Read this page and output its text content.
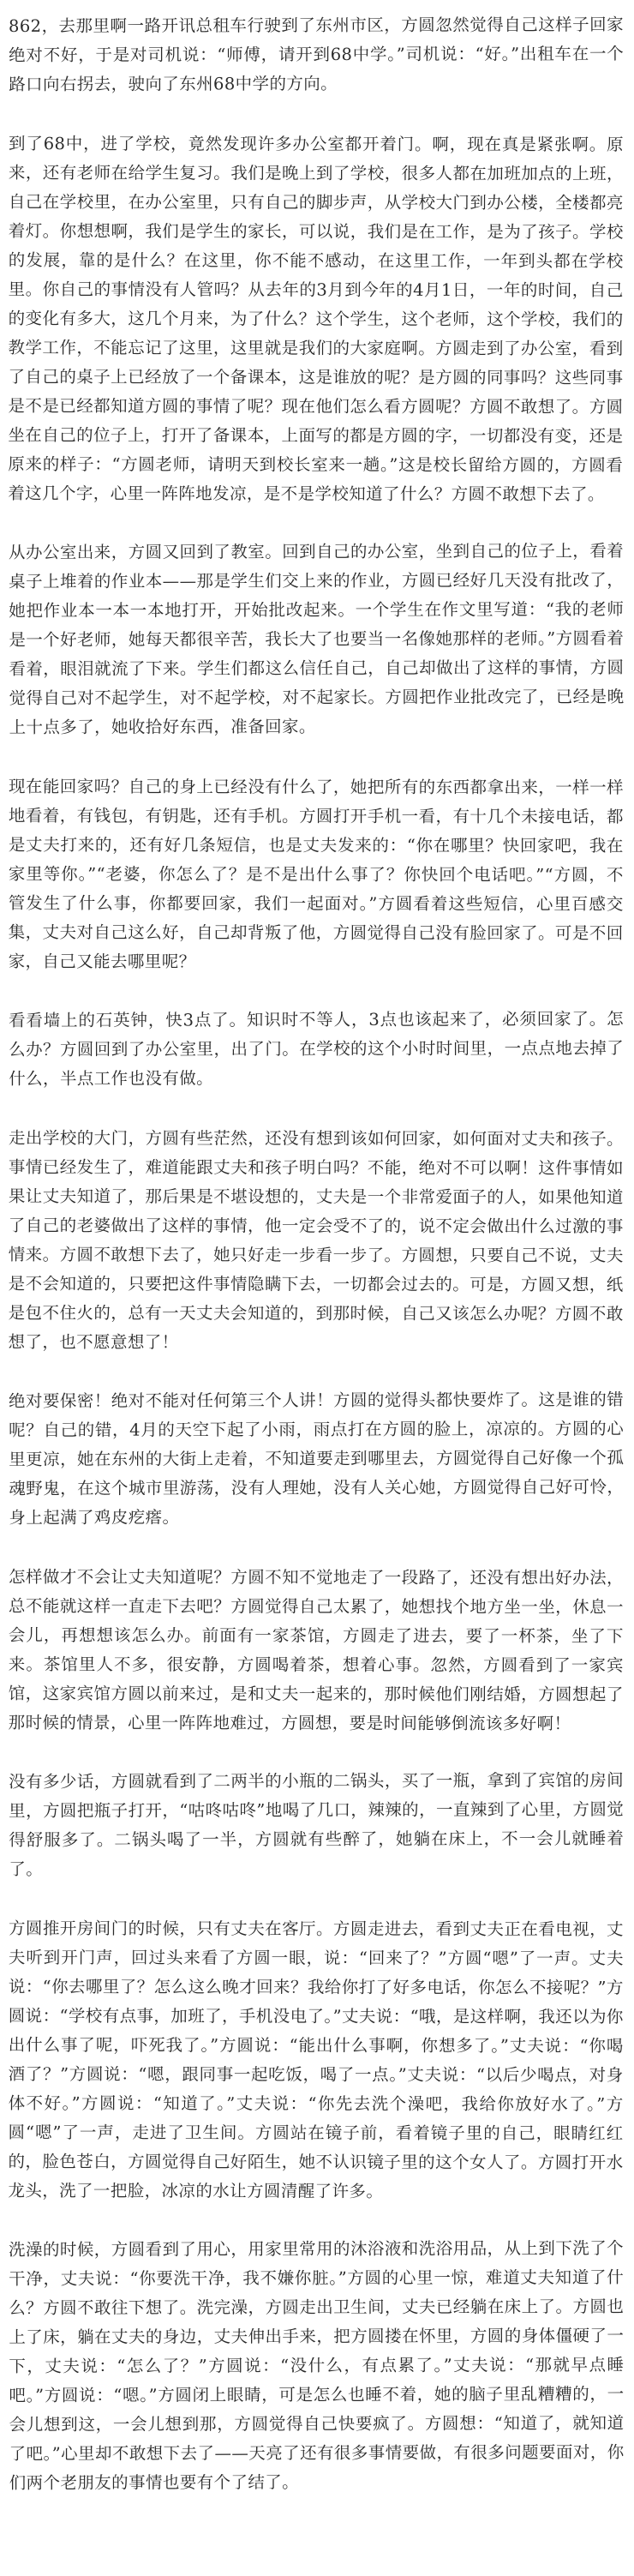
862，去那里啊一路开讯总租车行驶到了东州市区，方圆忽然觉得自己这样子回家绝对不好，于是对司机说：“师傅，请开到68中学。”司机说：“好。”出租车在一个路口向右拐去，驶向了东州68中学的方向。

到了68中，进了学校，竟然发现许多办公室都开着门。啊，现在真是紧张啊。原来，还有老师在给学生复习。我们是晚上到了学校，很多人都在加班加点的上班，自己在学校里，在办公室里，只有自己的脚步声，从学校大门到办公楼，全楼都亮着灯。你想想啊，我们是学生的家长，可以说，我们是在工作，是为了孩子。学校的发展，靠的是什么？在这里，你不能不感动，在这里工作，一年到头都在学校里。你自己的事情没有人管吗？从去年的3月到今年的4月1日，一年的时间，自己的变化有多大，这几个月来，为了什么？这个学生，这个老师，这个学校，我们的教学工作，不能忘记了这里，这里就是我们的大家庭啊。方圆走到了办公室，看到了自己的桌子上已经放了一个备课本，这是谁放的呢？是方圆的同事吗？这些同事是不是已经都知道方圆的事情了呢？现在他们怎么看方圆呢？方圆不敢想了。方圆坐在自己的位子上，打开了备课本，上面写的都是方圆的字，一切都没有变，还是原来的样子：“方圆老师，请明天到校长室来一趟。”这是校长留给方圆的，方圆看着这几个字，心里一阵阵地发凉，是不是学校知道了什么？方圆不敢想下去了。

从办公室出来，方圆又回到了教室。回到自己的办公室，坐到自己的位子上，看着桌子上堆着的作业本——那是学生们交上来的作业，方圆已经好几天没有批改了，她把作业本一本一本地打开，开始批改起来。一个学生在作文里写道：“我的老师是一个好老师，她每天都很辛苦，我长大了也要当一名像她那样的老师。”方圆看着看着，眼泪就流了下来。学生们都这么信任自己，自己却做出了这样的事情，方圆觉得自己对不起学生，对不起学校，对不起家长。方圆把作业批改完了，已经是晚上十点多了，她收拾好东西，准备回家。

现在能回家吗？自己的身上已经没有什么了，她把所有的东西都拿出来，一样一样地看着，有钱包，有钥匙，还有手机。方圆打开手机一看，有十几个未接电话，都是丈夫打来的，还有好几条短信，也是丈夫发来的：“你在哪里？快回家吧，我在家里等你。”“老婆，你怎么了？是不是出什么事了？你快回个电话吧。”“方圆，不管发生了什么事，你都要回家，我们一起面对。”方圆看着这些短信，心里百感交集，丈夫对自己这么好，自己却背叛了他，方圆觉得自己没有脸回家了。可是不回家，自己又能去哪里呢？

看看墙上的石英钟，快3点了。知识时不等人，3点也该起来了，必须回家了。怎么办？方圆回到了办公室里，出了门。在学校的这个小时时间里，一点点地去掉了什么，半点工作也没有做。

走出学校的大门，方圆有些茫然，还没有想到该如何回家，如何面对丈夫和孩子。事情已经发生了，难道能跟丈夫和孩子明白吗？不能，绝对不可以啊！这件事情如果让丈夫知道了，那后果是不堪设想的，丈夫是一个非常爱面子的人，如果他知道了自己的老婆做出了这样的事情，他一定会受不了的，说不定会做出什么过激的事情来。方圆不敢想下去了，她只好走一步看一步了。方圆想，只要自己不说，丈夫是不会知道的，只要把这件事情隐瞒下去，一切都会过去的。可是，方圆又想，纸是包不住火的，总有一天丈夫会知道的，到那时候，自己又该怎么办呢？方圆不敢想了，也不愿意想了！

绝对要保密！绝对不能对任何第三个人讲！方圆的觉得头都快要炸了。这是谁的错呢？自己的错，4月的天空下起了小雨，雨点打在方圆的脸上，凉凉的。方圆的心里更凉，她在东州的大街上走着，不知道要走到哪里去，方圆觉得自己好像一个孤魂野鬼，在这个城市里游荡，没有人理她，没有人关心她，方圆觉得自己好可怜，身上起满了鸡皮疙瘩。

怎样做才不会让丈夫知道呢？方圆不知不觉地走了一段路了，还没有想出好办法，总不能就这样一直走下去吧？方圆觉得自己太累了，她想找个地方坐一坐，休息一会儿，再想想该怎么办。前面有一家茶馆，方圆走了进去，要了一杯茶，坐了下来。茶馆里人不多，很安静，方圆喝着茶，想着心事。忽然，方圆看到了一家宾馆，这家宾馆方圆以前来过，是和丈夫一起来的，那时候他们刚结婚，方圆想起了那时候的情景，心里一阵阵地难过，方圆想，要是时间能够倒流该多好啊！

没有多少话，方圆就看到了二两半的小瓶的二锅头，买了一瓶，拿到了宾馆的房间里，方圆把瓶子打开，“咕咚咕咚”地喝了几口，辣辣的，一直辣到了心里，方圆觉得舒服多了。二锅头喝了一半，方圆就有些醉了，她躺在床上，不一会儿就睡着了。

方圆推开房间门的时候，只有丈夫在客厅。方圆走进去，看到丈夫正在看电视，丈夫听到开门声，回过头来看了方圆一眼，说：“回来了？”方圆“嗯”了一声。丈夫说：“你去哪里了？怎么这么晚才回来？我给你打了好多电话，你怎么不接呢？”方圆说：“学校有点事，加班了，手机没电了。”丈夫说：“哦，是这样啊，我还以为你出什么事了呢，吓死我了。”方圆说：“能出什么事啊，你想多了。”丈夫说：“你喝酒了？”方圆说：“嗯，跟同事一起吃饭，喝了一点。”丈夫说：“以后少喝点，对身体不好。”方圆说：“知道了。”丈夫说：“你先去洗个澡吧，我给你放好水了。”方圆“嗯”了一声，走进了卫生间。方圆站在镜子前，看着镜子里的自己，眼睛红红的，脸色苍白，方圆觉得自己好陌生，她不认识镜子里的这个女人了。方圆打开水龙头，洗了一把脸，冰凉的水让方圆清醒了许多。

洗澡的时候，方圆看到了用心，用家里常用的沐浴液和洗浴用品，从上到下洗了个干净，丈夫说：“你要洗干净，我不嫌你脏。”方圆的心里一惊，难道丈夫知道了什么？方圆不敢往下想了。洗完澡，方圆走出卫生间，丈夫已经躺在床上了。方圆也上了床，躺在丈夫的身边，丈夫伸出手来，把方圆搂在怀里，方圆的身体僵硬了一下，丈夫说：“怎么了？”方圆说：“没什么，有点累了。”丈夫说：“那就早点睡吧。”方圆说：“嗯。”方圆闭上眼睛，可是怎么也睡不着，她的脑子里乱糟糟的，一会儿想到这，一会儿想到那，方圆觉得自己快要疯了。方圆想：“知道了，就知道了吧。”心里却不敢想下去了——天亮了还有很多事情要做，有很多问题要面对，你们两个老朋友的事情也要有个了结了。
